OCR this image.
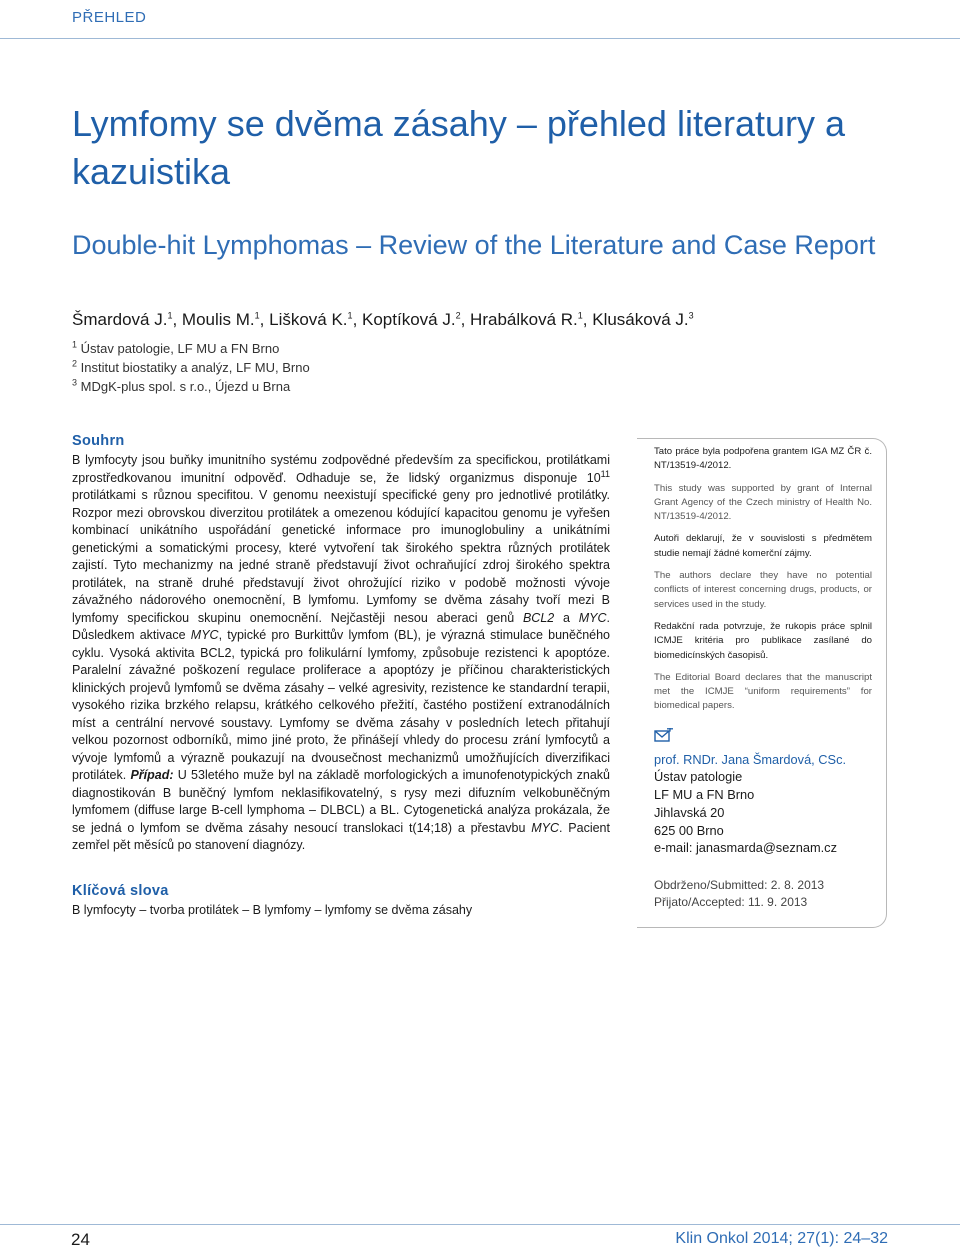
PŘEHLED
Lymfomy se dvěma zásahy – přehled literatury a kazuistika
Double-hit Lymphomas – Review of the Literature and Case Report
Šmardová J.$^1$, Moulis M.$^1$, Lišková K.$^1$, Koptíková J.$^2$, Hrabálková R.$^1$, Klusáková J.$^3$
$^1$ Ústav patologie, LF MU a FN Brno
$^2$ Institut biostatiky a analýz, LF MU, Brno
$^3$ MDgK-plus spol. s r.o., Újezd u Brna
Souhrn

B lymfocyty jsou buňky imunitního systému zodpovědné především za specifickou, protilátkami zprostředkovanou imunitní odpověď. Odhaduje se, že lidský organizmus disponuje $10^{11}$ protilátkami s různou specifitou. V genomu neexistují specifické geny pro jednotlivé protilátky. Rozpor mezi obrovskou diverzitou protilátek a omezenou kódující kapacitou genomu je vyřešen kombinací unikátního uspořádání genetické informace pro imunoglobuliny a unikátními genetickými a somatickými procesy, které vytvoření tak širokého spektra různých protilátek zajistí. Tyto mechanizmy na jedné straně představují život ochraňující zdroj širokého spektra protilátek, na straně druhé představují život ohrožující riziko v podobě možnosti vývoje závažného nádorového onemocnění, B lymfomu. Lymfomy se dvěma zásahy tvoří mezi B lymfomy specifickou skupinu onemocnění. Nejčastěji nesou aberaci genů BCL2 a MYC. Důsledkem aktivace MYC, typické pro Burkittův lymfom (BL), je výrazná stimulace buněčného cyklu. Vysoká aktivita BCL2, typická pro folikulární lymfomy, způsobuje rezistenci k apoptóze. Paralelní závažné poškození regulace proliferace a apoptózy je příčinou charakteristických klinických projevů lymfomů se dvěma zásahy – velké agresivity, rezistence ke standardní terapii, vysokého rizika brzkého relapsu, krátkého celkového přežití, častého postižení extranodálních míst a centrální nervové soustavy. Lymfomy se dvěma zásahy v posledních letech přitahují velkou pozornost odborníků, mimo jiné proto, že přinášejí vhledy do procesu zrání lymfocytů a vývoje lymfomů a výrazně poukazují na dvousečnost mechanizmů umožňujících diverzifikaci protilátek. Případ: U 53letého muže byl na základě morfologických a imunofenotypických znaků diagnostikován B buněčný lymfom neklasifikovatelný, s rysy mezi difuzním velkobuněčným lymfomem (diffuse large B-cell lymphoma – DLBCL) a BL. Cytogenetická analýza prokázala, že se jedná o lymfom se dvěma zásahy nesoucí translokaci t(14;18) a přestavbu MYC. Pacient zemřel pět měsíců po stanovení diagnózy.

Klíčová slova

B lymfocyty – tvorba protilátek – B lymfomy – lymfomy se dvěma zásahy

Tato práce byla podpořena grantem IGA MZ ČR č. NT/13519-4/2012.

This study was supported by grant of Internal Grant Agency of the Czech ministry of Health No. NT/13519-4/2012.

Autoři deklarují, že v souvislosti s předmětem studie nemají žádné komerční zájmy.

The authors declare they have no potential conflicts of interest concerning drugs, products, or services used in the study.

Redakční rada potvrzuje, že rukopis práce splnil ICMJE kritéria pro publikace zasílané do biomedicínských časopisů.

The Editorial Board declares that the manuscript met the ICMJE “uniform requirements” for biomedical papers.

prof. RNDr. Jana Šmardová, CSc.
Ústav patologie
LF MU a FN Brno
Jihlavská 20
625 00 Brno
e-mail: janasmarda@seznam.cz
Obdrženo/Submitted: 2. 8. 2013
Přijato/Accepted: 11. 9. 2013
24	Klin Onkol 2014; 27(1): 24–32
